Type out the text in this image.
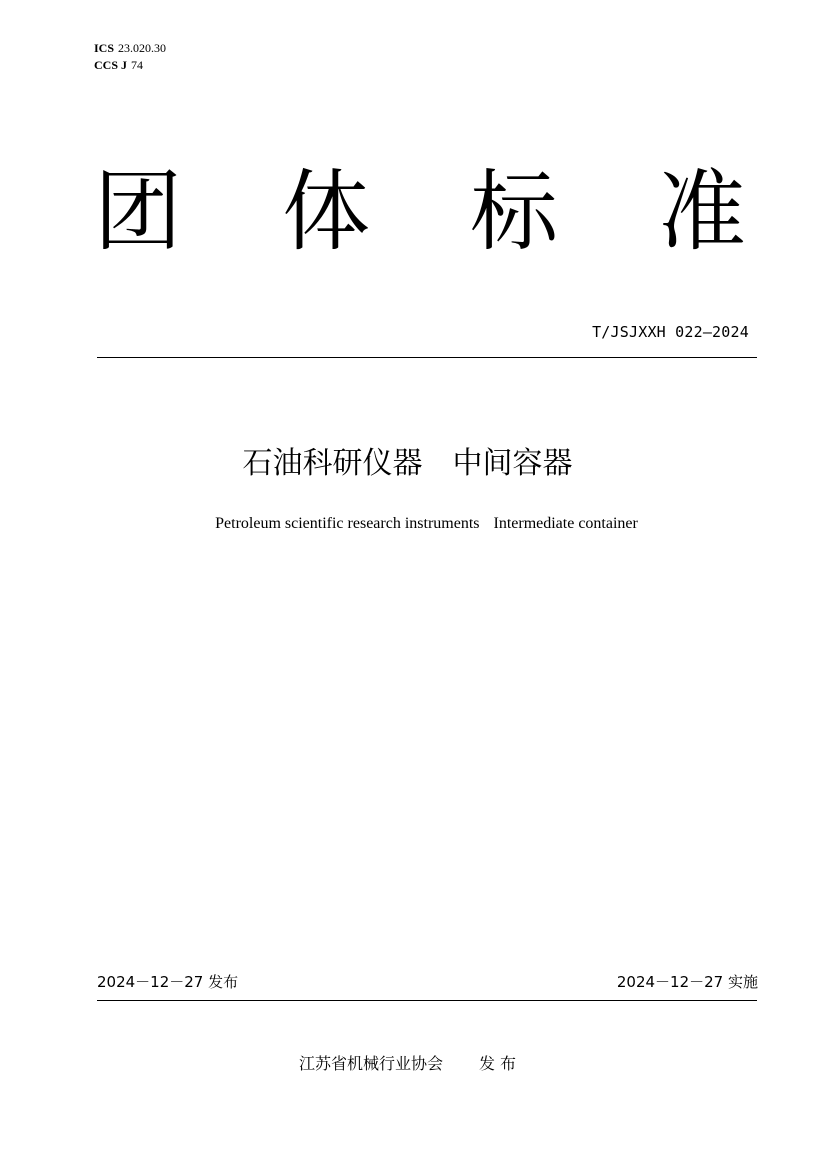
ICS 23.020.30
CCS J 74
团 体 标 准
T/JSJXXH 022—2024
石油科研仪器 中间容器
Petroleum scientific research instruments Intermediate container
2024－12－27 发布	2024－12－27 实施
江苏省机械行业协会 发 布
